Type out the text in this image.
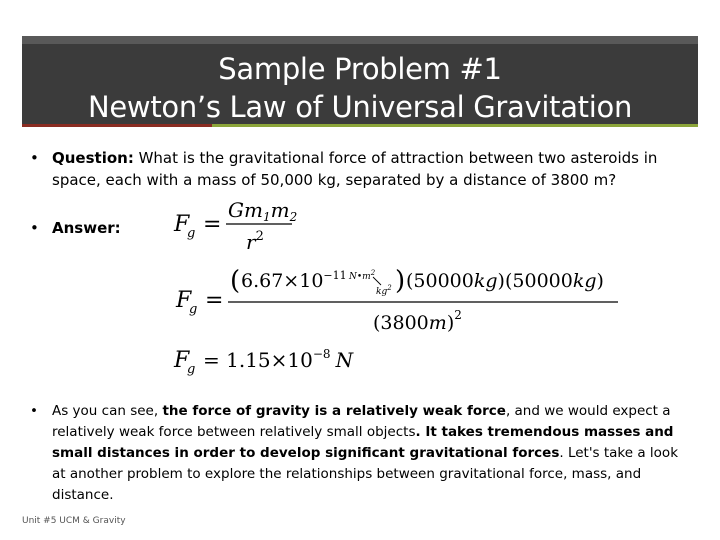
Sample Problem #1
Newton’s Law of Universal Gravitation
• Question: What is the gravitational force of attraction between two asteroids in space, each with a mass of 50,000 kg, separated by a distance of 3800 m?
• Answer: F
g =
$Gm_1m_2$
$r^2$
F
g =
( $6.67\times 10^{-11}$ $N•m^2$
$kg^2$ ) (50000kg) (50000kg)
$(3800m)^2$
F
$g = 1.15\times 10^{-8}$ N
•	As you can see, the force of gravity is a relatively weak force, and we would expect a relatively weak force between relatively small objects. It takes tremendous masses and small distances in order to develop significant gravitational forces. Let's take a look at another problem to explore the relationships between gravitational force, mass, and distance.
Unit #5 UCM & Gravity
